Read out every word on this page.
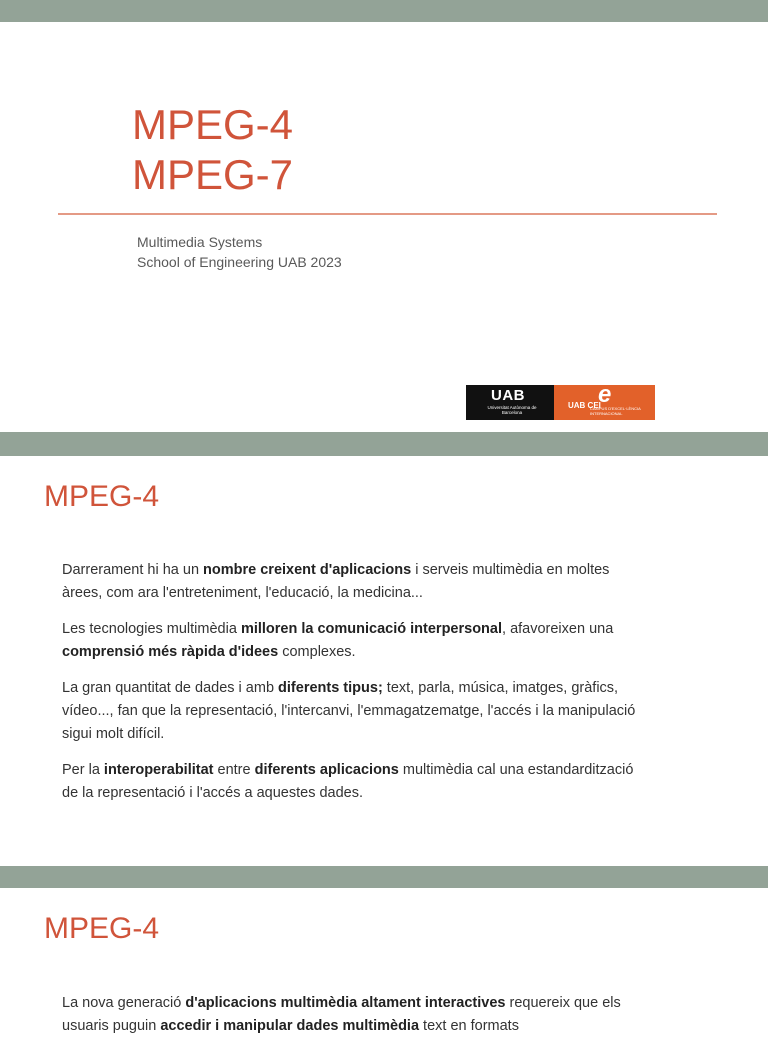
MPEG-4
MPEG-7
Multimedia Systems
School of Engineering UAB 2023
UAB
Universitat Autònoma de Barcelona
UAB CEI
e
CAMPUS D'EXCEL·LÈNCIA INTERNACIONAL
MPEG-4

Darrerament hi ha un nombre creixent d'aplicacions i serveis multimèdia en moltes àrees, com ara l'entreteniment, l'educació, la medicina...

Les tecnologies multimèdia milloren la comunicació interpersonal, afavoreixen una comprensió més ràpida d'idees complexes.

La gran quantitat de dades i amb diferents tipus; text, parla, música, imatges, gràfics, vídeo..., fan que la representació, l'intercanvi, l'emmagatzematge, l'accés i la manipulació sigui molt difícil.

Per la interoperabilitat entre diferents aplicacions multimèdia cal una estandardització de la representació i l'accés a aquestes dades.

MPEG-4

La nova generació d'aplicacions multimèdia altament interactives requereix que els usuaris puguin accedir i manipular dades multimèdia text en formats
